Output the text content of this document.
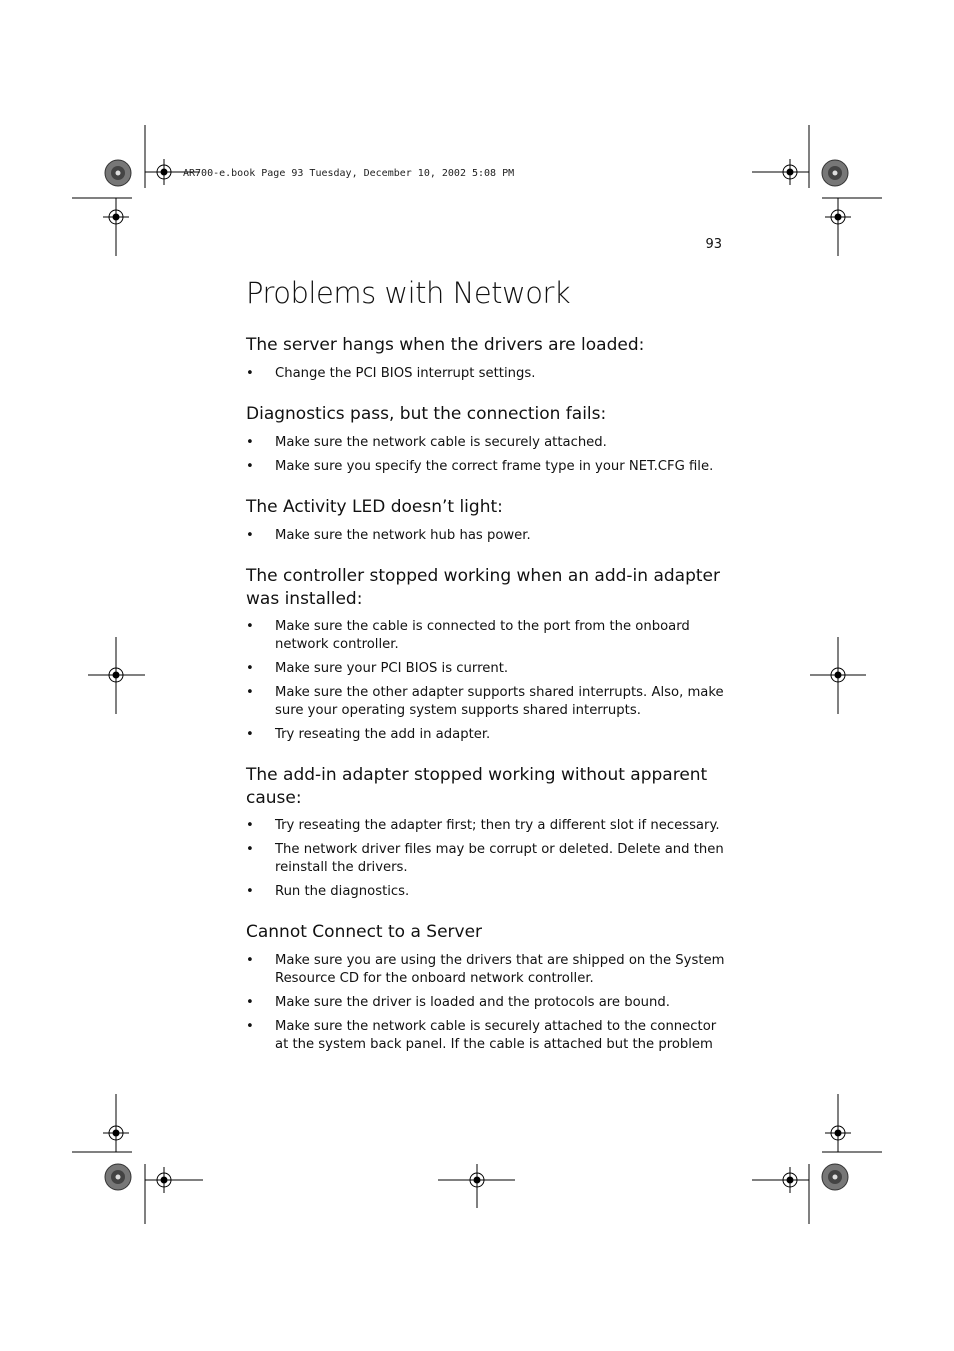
AR700-e.book Page 93 Tuesday, December 10, 2002 5:08 PM
93
Problems with Network
The server hangs when the drivers are loaded:
• Change the PCI BIOS interrupt settings.
Diagnostics pass, but the connection fails:
• Make sure the network cable is securely attached.
• Make sure you specify the correct frame type in your NET.CFG file.
The Activity LED doesn’t light:
• Make sure the network hub has power.
The controller stopped working when an add-in adapter was installed:
• Make sure the cable is connected to the port from the onboard network controller.
• Make sure your PCI BIOS is current.
• Make sure the other adapter supports shared interrupts. Also, make sure your operating system supports shared interrupts.
• Try reseating the add in adapter.
The add-in adapter stopped working without apparent cause:
• Try reseating the adapter first; then try a different slot if necessary.
• The network driver files may be corrupt or deleted. Delete and then reinstall the drivers.
• Run the diagnostics.
Cannot Connect to a Server
• Make sure you are using the drivers that are shipped on the System Resource CD for the onboard network controller.
• Make sure the driver is loaded and the protocols are bound.
• Make sure the network cable is securely attached to the connector at the system back panel. If the cable is attached but the problem
